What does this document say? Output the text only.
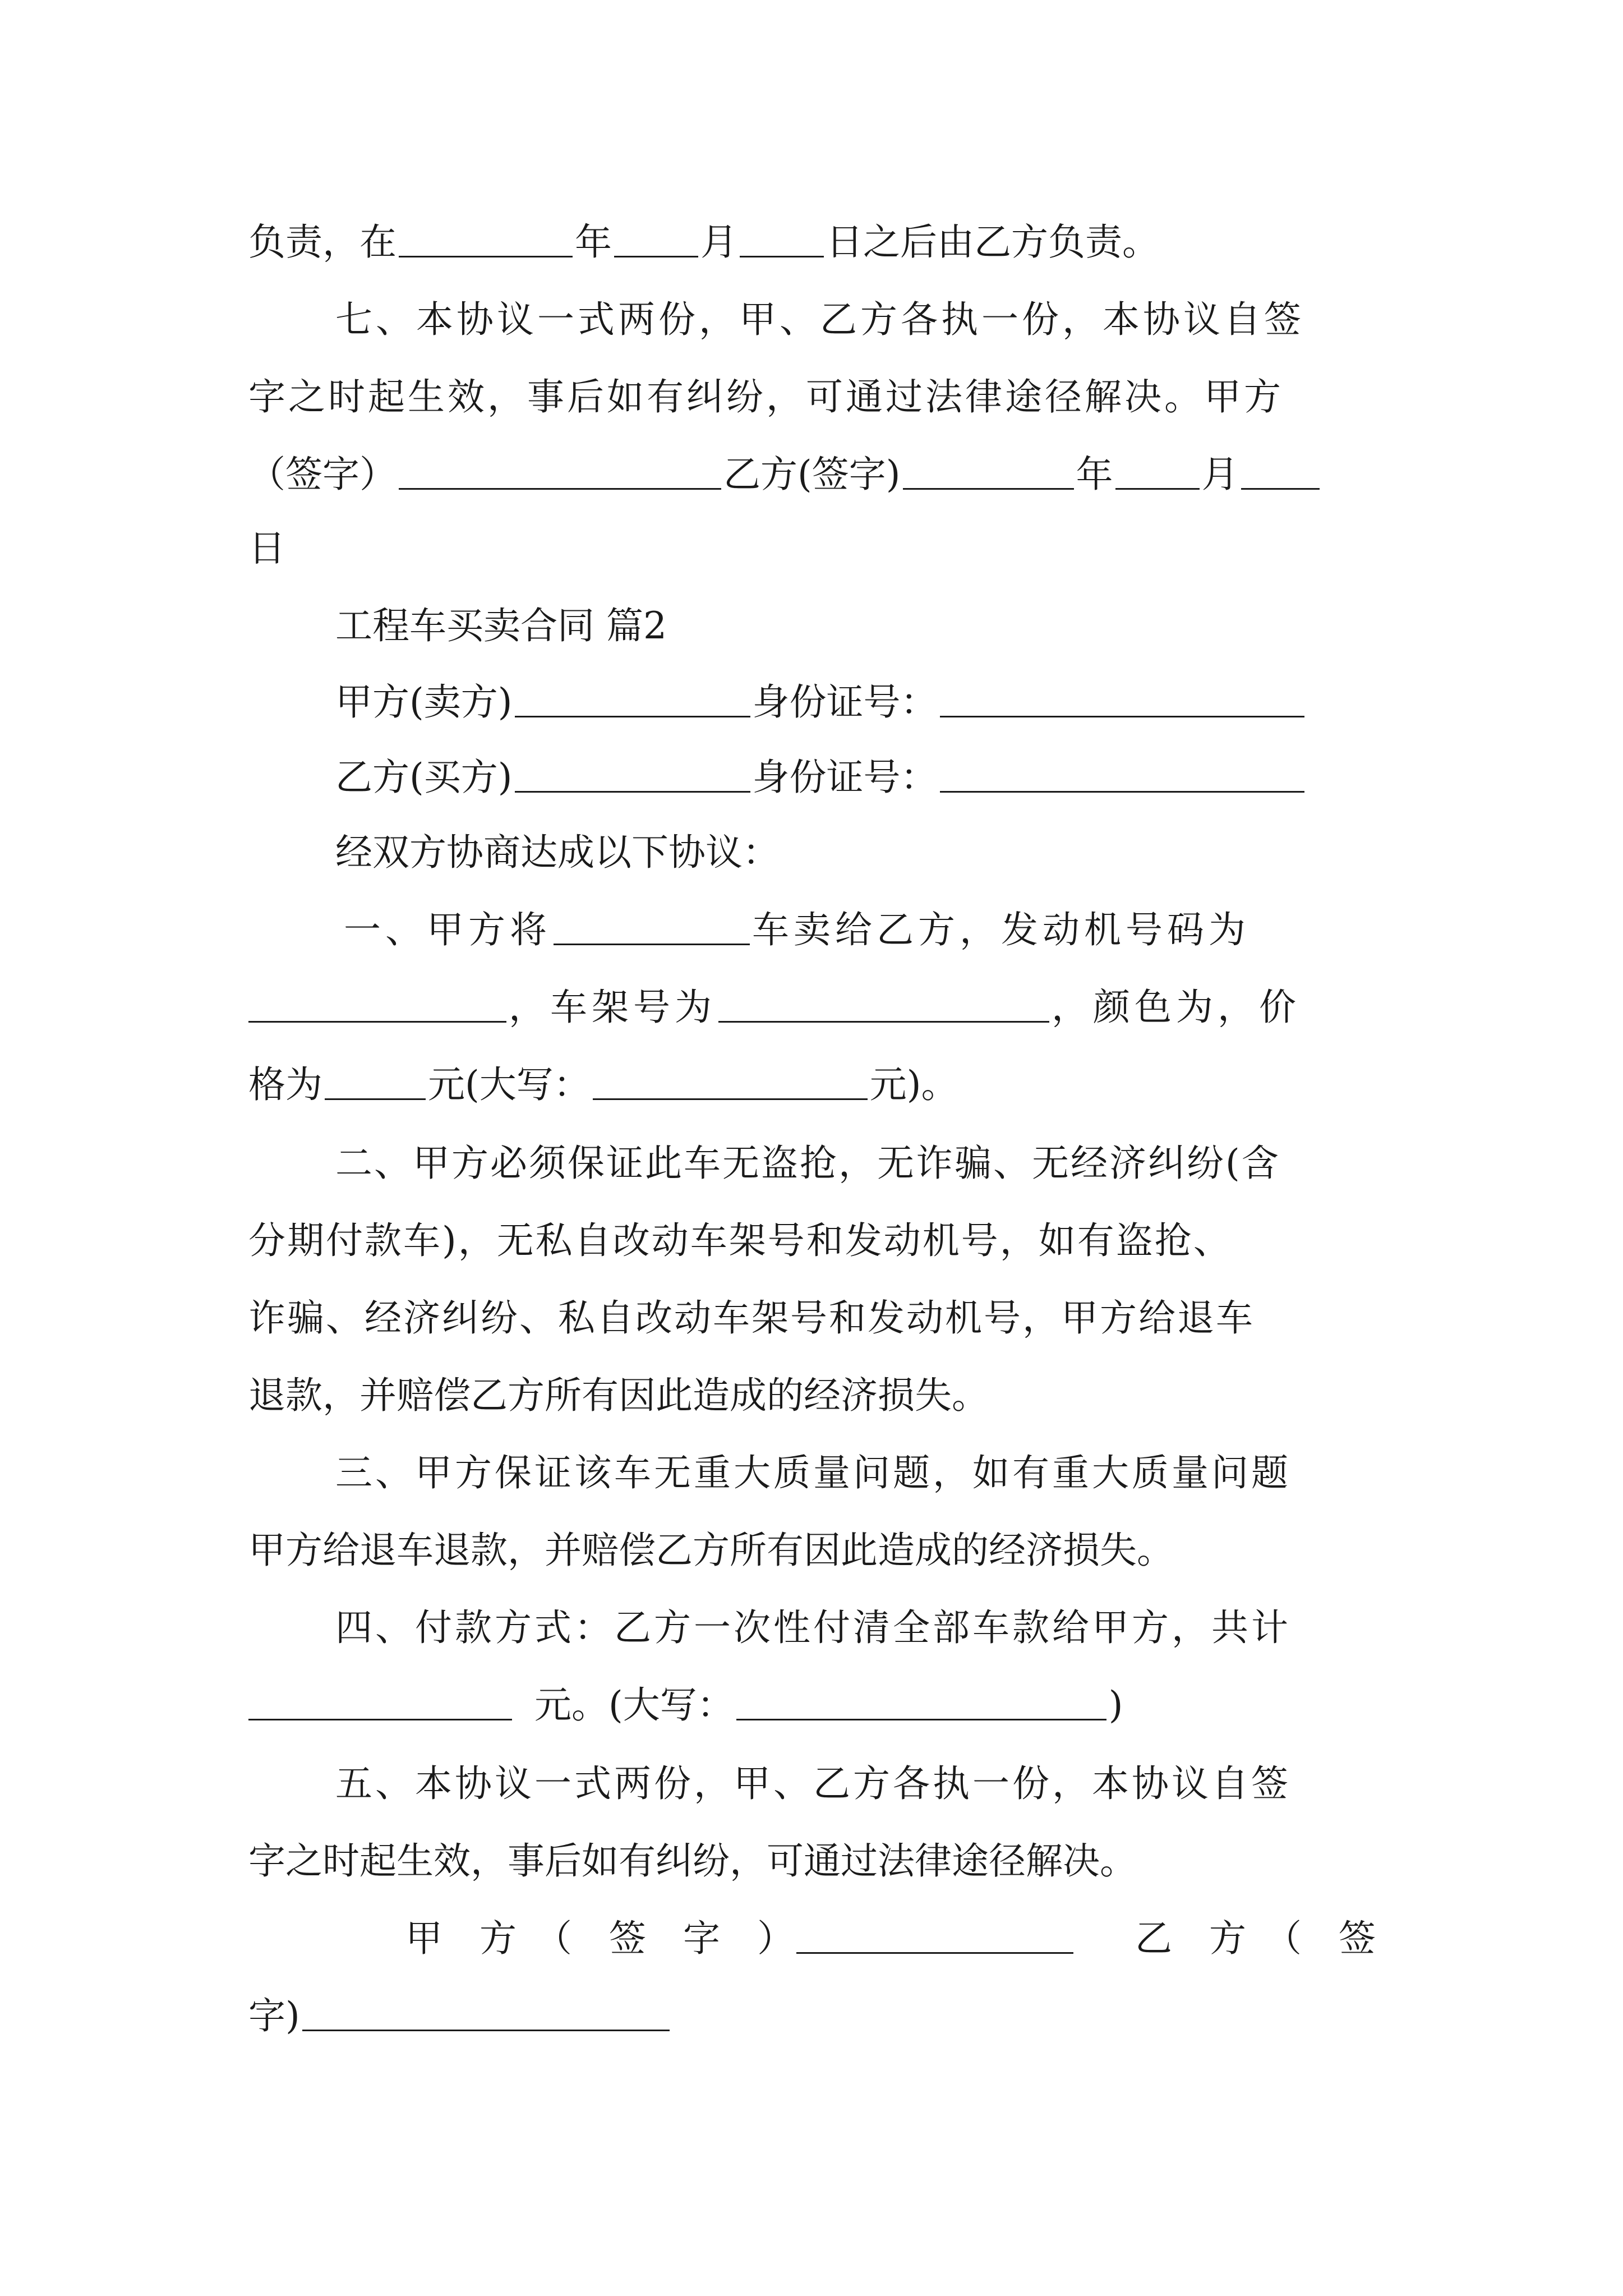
负责，在	年 月 日之后由乙方负责。
七、本协议一式两份，甲、乙方各执一份，本协议自签
字之时起生效，事后如有纠纷，可通过法律途径解决。甲方
（签字）	乙方(签字)	年 月
日
工程车买卖合同 篇2
甲方(卖方)	身份证号：
乙方(买方)	身份证号：
经双方协商达成以下协议：
一、甲方将	车卖给乙方，发动机号码为
，车架号为	，颜色为，价
格为	元(大写：	元)。
二、甲方必须保证此车无盗抢，无诈骗、无经济纠纷(含
分期付款车)，无私自改动车架号和发动机号，如有盗抢、
诈骗、经济纠纷、私自改动车架号和发动机号，甲方给退车
退款，并赔偿乙方所有因此造成的经济损失。
三、甲方保证该车无重大质量问题，如有重大质量问题
甲方给退车退款，并赔偿乙方所有因此造成的经济损失。
四、付款方式：乙方一次性付清全部车款给甲方，共计
元。(大写：	)
五、本协议一式两份，甲、乙方各执一份，本协议自签
字之时起生效，事后如有纠纷，可通过法律途径解决。
甲　方　（　签　字　）	乙　方　（　签
字)
